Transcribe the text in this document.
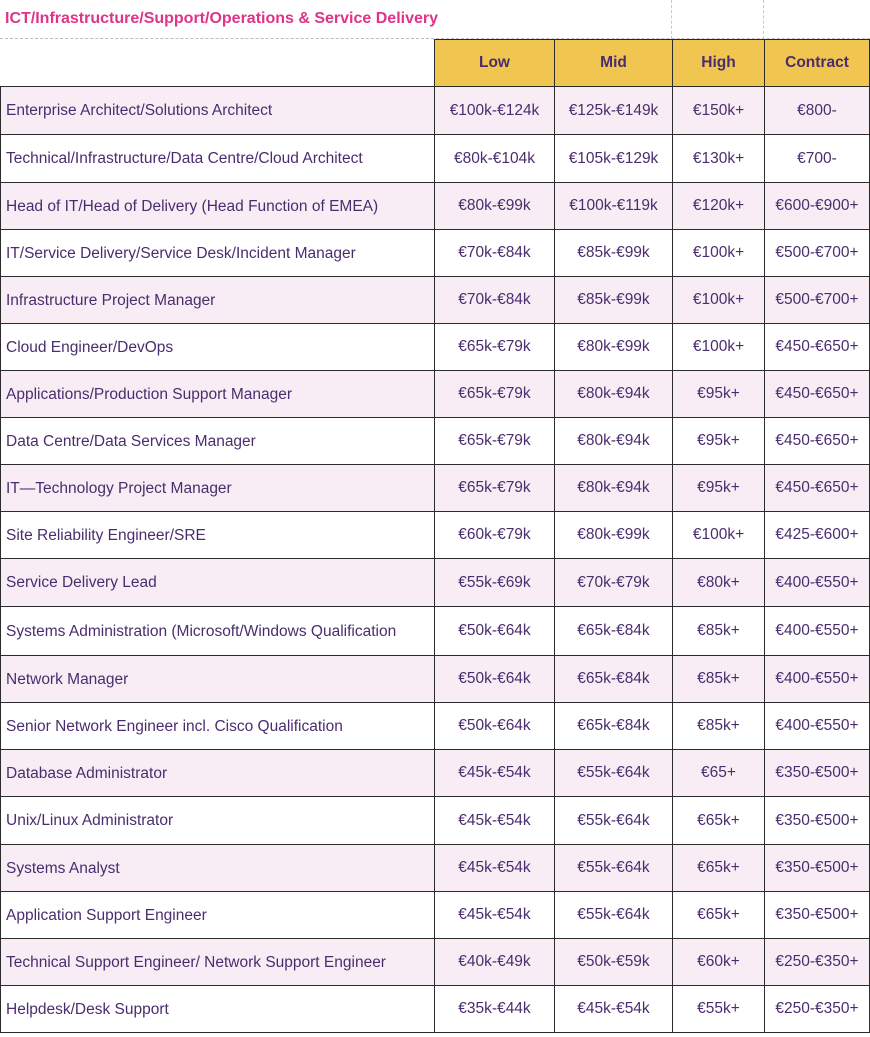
ICT/Infrastructure/Support/Operations & Service Delivery
	Low	Mid	High	Contract
Enterprise Architect/Solutions Architect	€100k-€124k	€125k-€149k	€150k+	€800-
Technical/Infrastructure/Data Centre/Cloud Architect	€80k-€104k	€105k-€129k	€130k+	€700-
Head of IT/Head of Delivery (Head Function of EMEA)	€80k-€99k	€100k-€119k	€120k+	€600-€900+
IT/Service Delivery/Service Desk/Incident Manager	€70k-€84k	€85k-€99k	€100k+	€500-€700+
Infrastructure Project Manager	€70k-€84k	€85k-€99k	€100k+	€500-€700+
Cloud Engineer/DevOps	€65k-€79k	€80k-€99k	€100k+	€450-€650+
Applications/Production Support Manager	€65k-€79k	€80k-€94k	€95k+	€450-€650+
Data Centre/Data Services Manager	€65k-€79k	€80k-€94k	€95k+	€450-€650+
IT—Technology Project Manager	€65k-€79k	€80k-€94k	€95k+	€450-€650+
Site Reliability Engineer/SRE	€60k-€79k	€80k-€99k	€100k+	€425-€600+
Service Delivery Lead	€55k-€69k	€70k-€79k	€80k+	€400-€550+
Systems Administration (Microsoft/Windows Qualification	€50k-€64k	€65k-€84k	€85k+	€400-€550+
Network Manager	€50k-€64k	€65k-€84k	€85k+	€400-€550+
Senior Network Engineer incl. Cisco Qualification	€50k-€64k	€65k-€84k	€85k+	€400-€550+
Database Administrator	€45k-€54k	€55k-€64k	€65+	€350-€500+
Unix/Linux Administrator	€45k-€54k	€55k-€64k	€65k+	€350-€500+
Systems Analyst	€45k-€54k	€55k-€64k	€65k+	€350-€500+
Application Support Engineer	€45k-€54k	€55k-€64k	€65k+	€350-€500+
Technical Support Engineer/ Network Support Engineer	€40k-€49k	€50k-€59k	€60k+	€250-€350+
Helpdesk/Desk Support	€35k-€44k	€45k-€54k	€55k+	€250-€350+
